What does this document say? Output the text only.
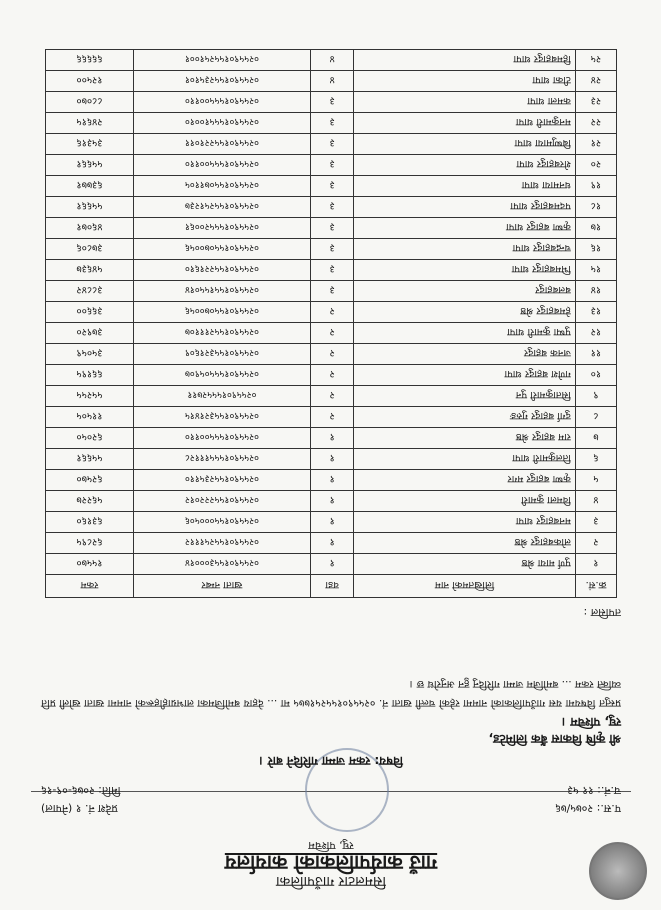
सिमलटार गाउँपालिका
गाउँ कार्यपालिकाको कार्यालय
रघु, पश्चिम
प.स.: २०७५/७६
च.नं.: ११ ५३
प्रदेश नं. १ (नेपाल)
मिति: २०७६-०९-१६
विषय: रकम जम्मा गरिदिने बारे ।
श्री कृषि विकास बैंक लिमिटेड,
रघु, पश्चिम ।
प्रस्तुत विषयमा यस गाउँपालिकाको नाममा रहेको चल्ती खाता नं. ०२५५९०१५५२५१७७५ मा ... देहाय बमोजिमका लाभग्राहीहरूको नाममा खाता खोली प्रति व्यक्ति रकम ... बमोजिम जम्मा गरिदिनु हुन अनुरोध छ ।
तपसिल :
क्र.सं.	लिखितमको नाम	वडा	खाता नम्बर	रकम
१	पुर्ण माया श्रेष्ठ	१	०२५५९०१५५३०००१४	१५५७०
२	लोकबहादुर श्रेष्ठ	१	०२५५९०१५५२५१११२	६२८९५
३	मनबहादुर थापा	१	०२५५९०१५५०००५०६	६३१६०
४	विमला कुमारी	१	०२५५९०१५५२२२०१२	५६२२७
५	कृष्ण बहादुर मगर	१	०२५५९०१५५२३५११०	६२५७०
६	तिलकुमारी थापा	१	०२५५९०१५५५१११२८	५५६६१
७	राम बहादुर श्रेष्ठ	१	०२५५९०१५५५००११०	६२०५०
८	दुर्गा बहादुर गुरुङ	२	०२५५९०१५५३२१४१५	११५०५
९	सिताकुमारी पुन	२	०२५५९०१५५५२७११	५५२५५
१०	गणेश बहादुर थापा	२	०२५५९०१५५५०५९०७	६६१९५
११	जनक बहादुर	२	०२५५९०१५५३२१६०९	३५०५९
१२	पुष्पा कुमारी थापा	२	०२५५९०१५५२१११०७	३७९२०
१३	हेमबहादुर श्रेष्ठ	२	०२५५९०१५५०७००५६	३६६००
१४	बलबहादुर	३	०२५५९०१५५१५५०१४	३८८४२
१५	भिमबहादुर थापा	३	०२५५९०१५५२२१६१०	५४६३७
१६	चन्द्रबहादुर थापा	३	०२५५९०१५५०७००५६	३७८०६
१७	कृष्ण बहादुर थापा	३	०२५५९०१५५५२००६१	४६०७१
१८	पदमबहादुर थापा	३	०२५५९०१५५२५१२३७	५५६६१
१९	धनमाया थापा	३	०२५५९०१५५०७११०५	६३७७१
२०	शेरबहादुर थापा	३	०२५५९०१५५५००११०	५५६६१
२१	बिष्णुमाया थापा	३	०२५५९०१५५२२१०११	३५३१६
२२	मनकुमारी थापा	३	०२५५९०१५५५१००१०	२४६१५
२३	कमला थापा	३	०२५५९०१५५५००११०	८८०७०
२४	टीका थापा	४	०२५५९०१५५२३५१०१	१२५००
२५	हिमबहादुर थापा	४	०२५५९०१५५२५१००१	६६६६६
